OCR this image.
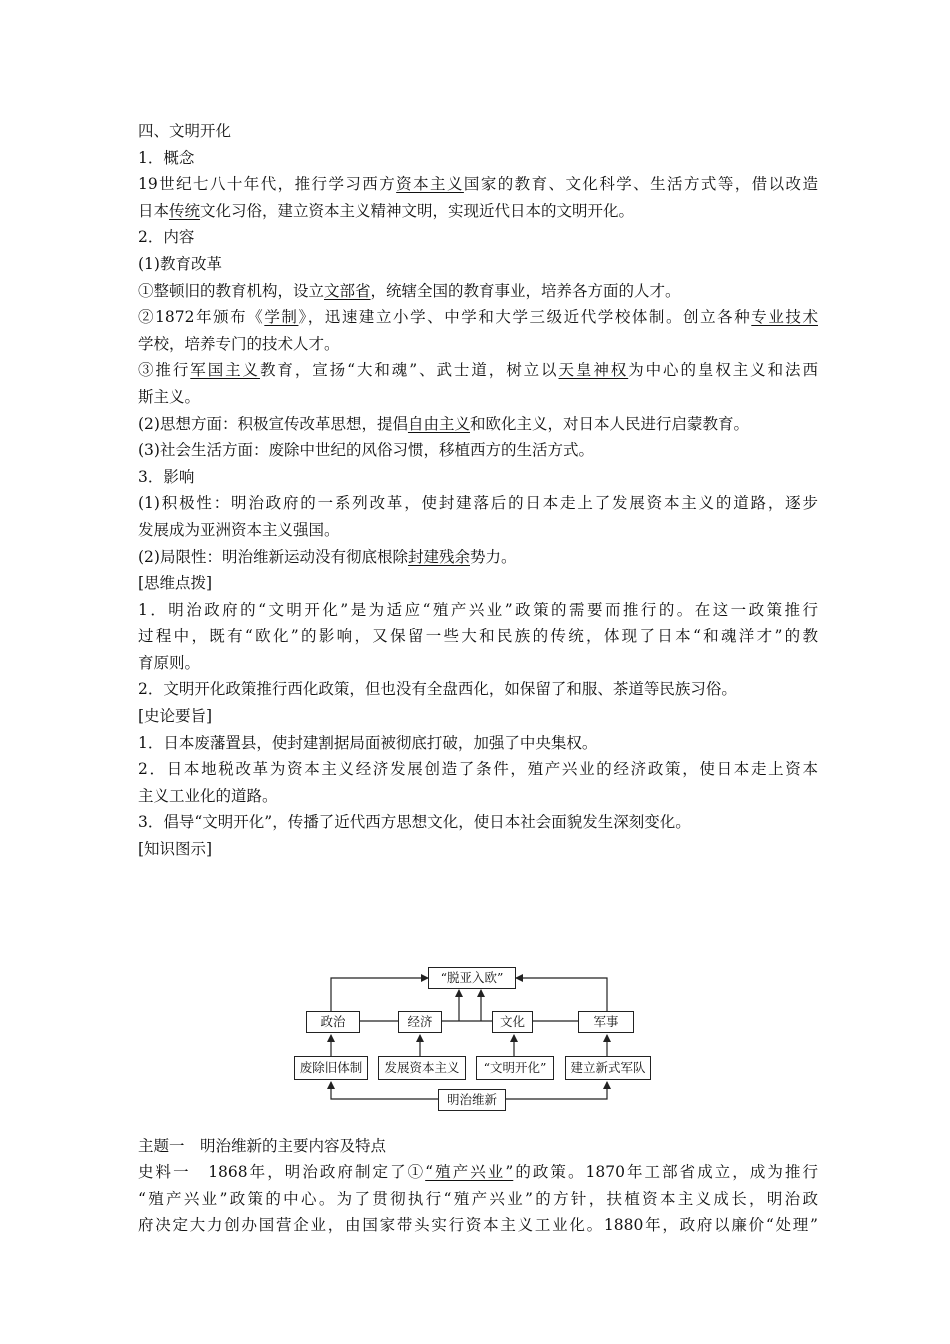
四、文明开化
1．概念
19世纪七八十年代，推行学习西方资本主义国家的教育、文化科学、生活方式等，借以改造
日本传统文化习俗，建立资本主义精神文明，实现近代日本的文明开化。
2．内容
(1)教育改革
①整顿旧的教育机构，设立文部省，统辖全国的教育事业，培养各方面的人才。
②1872年颁布《学制》，迅速建立小学、中学和大学三级近代学校体制。创立各种专业技术
学校，培养专门的技术人才。
③推行军国主义教育，宣扬“大和魂”、武士道，树立以天皇神权为中心的皇权主义和法西
斯主义。
(2)思想方面：积极宣传改革思想，提倡自由主义和欧化主义，对日本人民进行启蒙教育。
(3)社会生活方面：废除中世纪的风俗习惯，移植西方的生活方式。
3．影响
(1)积极性：明治政府的一系列改革，使封建落后的日本走上了发展资本主义的道路，逐步
发展成为亚洲资本主义强国。
(2)局限性：明治维新运动没有彻底根除封建残余势力。
[思维点拨]
1．明治政府的“文明开化”是为适应“殖产兴业”政策的需要而推行的。在这一政策推行
过程中，既有“欧化”的影响，又保留一些大和民族的传统，体现了日本“和魂洋才”的教
育原则。
2．文明开化政策推行西化政策，但也没有全盘西化，如保留了和服、茶道等民族习俗。
[史论要旨]
1．日本废藩置县，使封建割据局面被彻底打破，加强了中央集权。
2．日本地税改革为资本主义经济发展创造了条件，殖产兴业的经济政策，使日本走上资本
主义工业化的道路。
3．倡导“文明开化”，传播了近代西方思想文化，使日本社会面貌发生深刻变化。
[知识图示]
“脱亚入欧”
政治	经济	文化	军事
废除旧体制	发展资本主义	“文明开化”	建立新式军队
明治维新
主题一　明治维新的主要内容及特点
史料一　1868年，明治政府制定了①“殖产兴业”的政策。1870年工部省成立，成为推行
“殖产兴业”政策的中心。为了贯彻执行“殖产兴业”的方针，扶植资本主义成长，明治政
府决定大力创办国营企业，由国家带头实行资本主义工业化。1880年，政府以廉价“处理”
